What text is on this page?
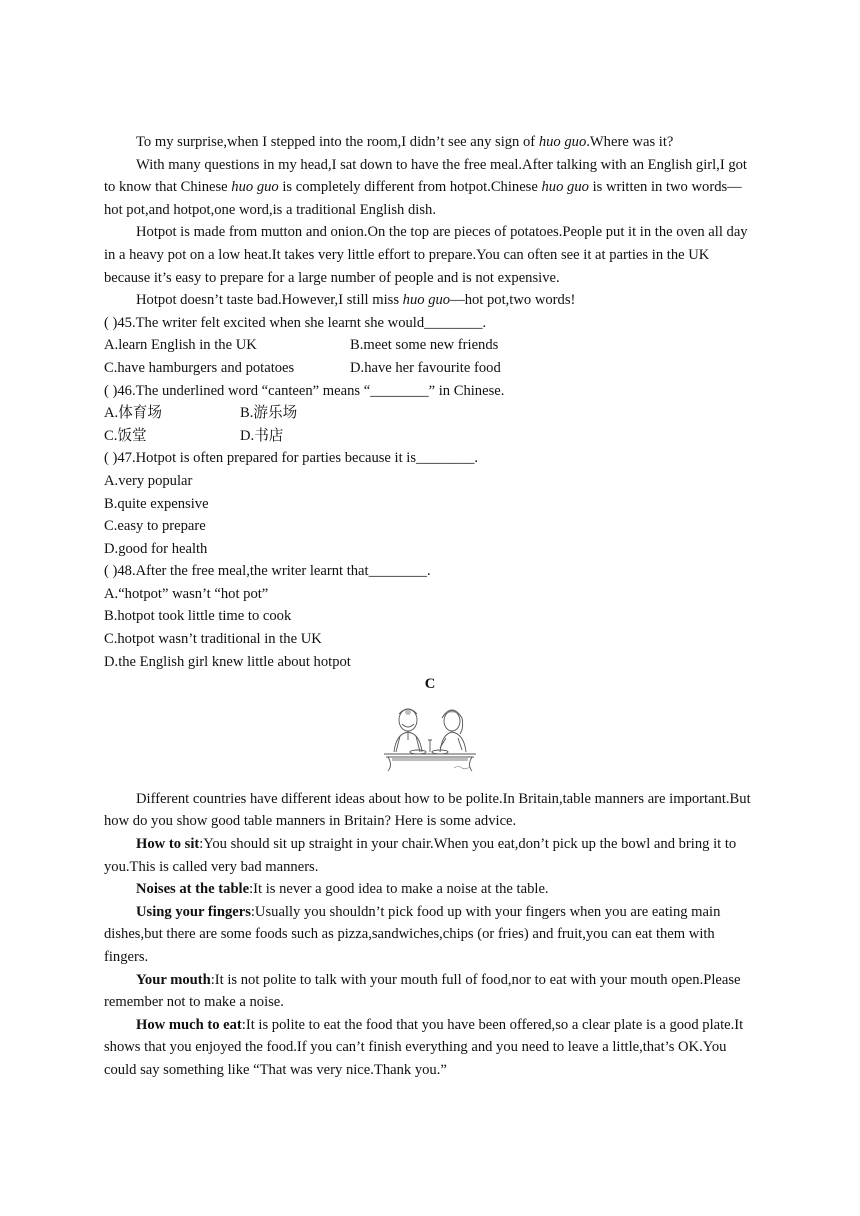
To my surprise,when I stepped into the room,I didn’t see any sign of huo guo.Where was it?

With many questions in my head,I sat down to have the free meal.After talking with an English girl,I got to know that Chinese huo guo is completely different from hotpot.Chinese huo guo is written in two words—hot pot,and hotpot,one word,is a traditional English dish.

Hotpot is made from mutton and onion.On the top are pieces of potatoes.People put it in the oven all day in a heavy pot on a low heat.It takes very little effort to prepare.You can often see it at parties in the UK because it’s easy to prepare for a large number of people and is not expensive.

Hotpot doesn’t taste bad.However,I still miss huo guo—hot pot,two words!

( )45.The writer felt excited when she learnt she would________.

A.learn English in the UK	B.meet some new friends

C.have hamburgers and potatoes	D.have her favourite food

( )46.The underlined word “canteen” means “________” in Chinese.

A.体育场	B.游乐场

C.饭堂	D.书店

( )47.Hotpot is often prepared for parties because it is________.

A.very popular

B.quite expensive

C.easy to prepare

D.good for health

( )48.After the free meal,the writer learnt that________.

A.“hotpot” wasn’t “hot pot”

B.hotpot took little time to cook

C.hotpot wasn’t traditional in the UK

D.the English girl knew little about hotpot

C

Different countries have different ideas about how to be polite.In Britain,table manners are important.But how do you show good table manners in Britain? Here is some advice.

How to sit:You should sit up straight in your chair.When you eat,don’t pick up the bowl and bring it to you.This is called very bad manners.

Noises at the table:It is never a good idea to make a noise at the table.

Using your fingers:Usually you shouldn’t pick food up with your fingers when you are eating main dishes,but there are some foods such as pizza,sandwiches,chips (or fries) and fruit,you can eat them with fingers.

Your mouth:It is not polite to talk with your mouth full of food,nor to eat with your mouth open.Please remember not to make a noise.

How much to eat:It is polite to eat the food that you have been offered,so a clear plate is a good plate.It shows that you enjoyed the food.If you can’t finish everything and you need to leave a little,that’s OK.You could say something like “That was very nice.Thank you.”
